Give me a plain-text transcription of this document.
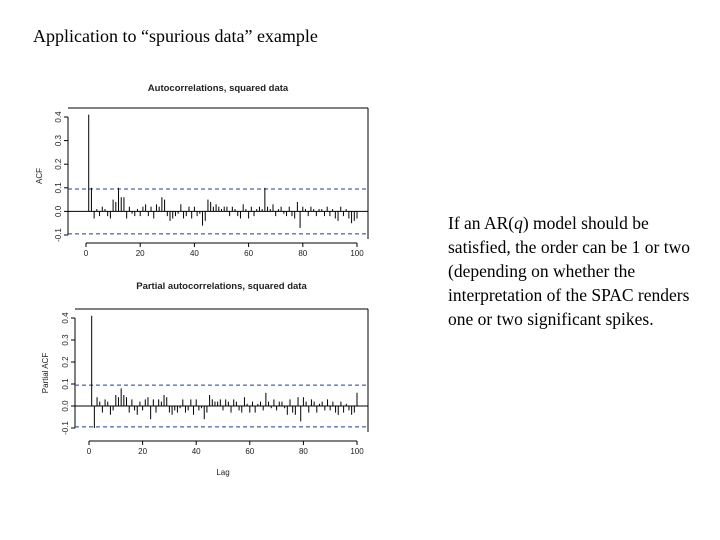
Application to “spurious data” example
Autocorrelations, squared data
-0.1
0.0
0.1
0.2
0.3
0.4
ACF
0	20	40	60	80	100
Partial autocorrelations, squared data
-0.1
0.0
0.1
0.2
0.3
0.4
Partial ACF
0	20	40	60	80	100
Lag
If an AR(q) model should be satisfied, the order can be 1 or two (depending on whether the interpretation of the SPAC renders one or two significant spikes.
